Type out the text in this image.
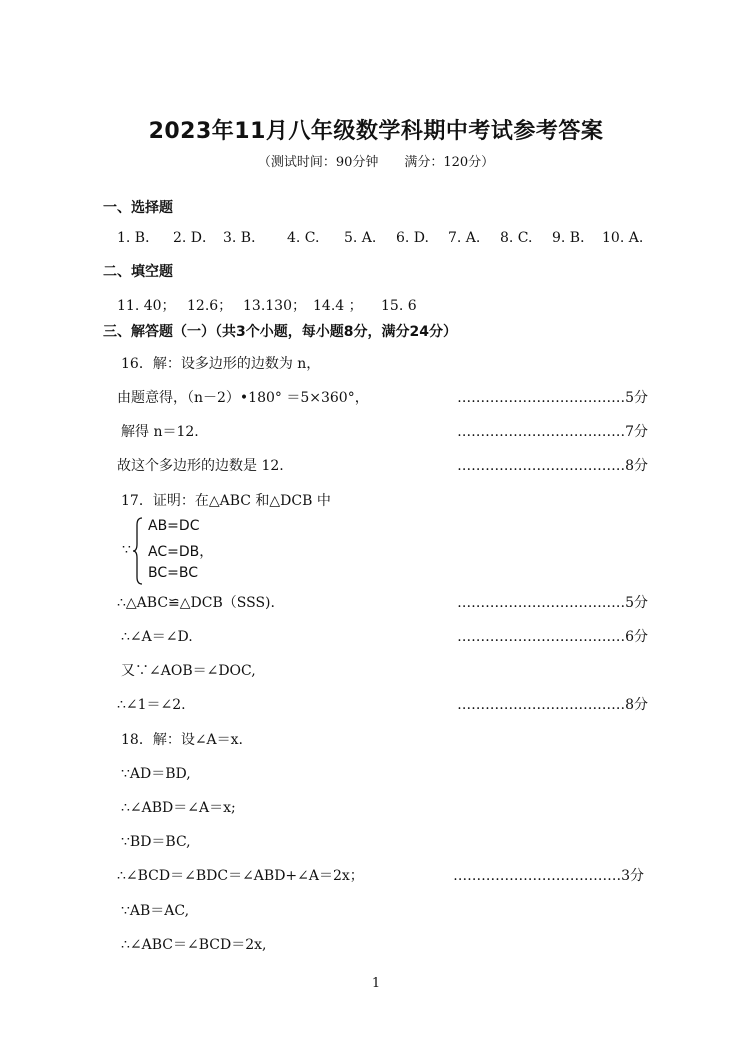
2023年11月八年级数学科期中考试参考答案
（测试时间：90分钟　　满分：120分）
一、选择题
1. B． 2. D． 3. B． 4. C. 5. A. 6. D. 7. A. 8. C. 9. B． 10. A.
二、填空题
11. 40； 12.6； 13.130； 14.4 ； 15. 6
三、解答题（一）（共3个小题，每小题8分，满分24分）
16．解：设多边形的边数为 n，
由题意得，（n－2）•180° ＝5×360°，	………………………………5分
解得 n＝12.	………………………………7分
故这个多边形的边数是 12.	………………………………8分
17．证明：在△ABC 和△DCB 中
∵
AB=DC
AC=DB，
BC=BC
∴△ABC≌△DCB（SSS).	………………………………5分
∴∠A＝∠D.	………………………………6分
又∵∠AOB＝∠DOC,
∴∠1＝∠2.	………………………………8分
18．解：设∠A＝x.
∵AD＝BD,
∴∠ABD＝∠A＝x;
∵BD＝BC,
∴∠BCD＝∠BDC＝∠ABD+∠A＝2x；	………………………………3分
∵AB＝AC,
∴∠ABC＝∠BCD＝2x,
1
